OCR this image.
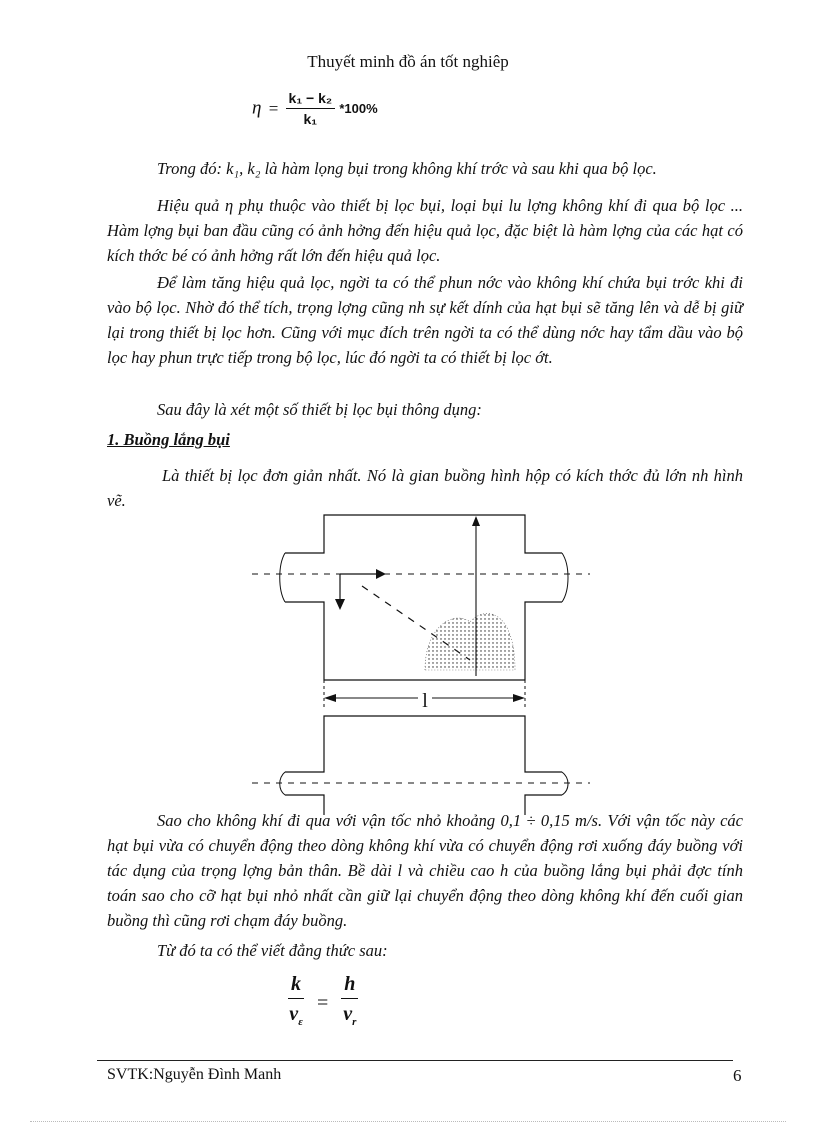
Thuyết minh đồ án tốt nghiêp
$\eta = \frac{\text{k₁ − k₂}}{\text{k₁}} *100\%$

Trong đó: k₁, k₂ là hàm lọng bụi trong không khí trớc và sau khi qua bộ lọc.

Hiệu quả η phụ thuộc vào thiết bị lọc bụi, loại bụi lu lợng không khí đi qua bộ lọc ... Hàm lợng bụi ban đầu cũng có ảnh hởng đến hiệu quả lọc, đặc biệt là hàm lợng của các hạt có kích thớc bé có ảnh hởng rất lớn đến hiệu quả lọc.

Để làm tăng hiệu quả lọc, ngời ta có thể phun nớc vào không khí chứa bụi trớc khi đi vào bộ lọc. Nhờ đó thể tích, trọng lợng cũng nh sự kết dính của hạt bụi sẽ tăng lên và dễ bị giữ lại trong thiết bị lọc hơn. Cũng với mục đích trên ngời ta có thể dùng nớc hay tẩm dầu vào bộ lọc hay phun trực tiếp trong bộ lọc, lúc đó ngời ta có thiết bị lọc ớt.

Sau đây là xét một số thiết bị lọc bụi thông dụng:

1. Buồng lắng bụi

Là thiết bị lọc đơn giản nhất. Nó là gian buồng hình hộp có kích thớc đủ lớn nh hình vẽ.

l

Sao cho không khí đi qua với vận tốc nhỏ khoảng 0,1 ÷ 0,15 m/s. Với vận tốc này các hạt bụi vừa có chuyển động theo dòng không khí vừa có chuyển động rơi xuống đáy buồng với tác dụng của trọng lợng bản thân. Bề dài l và chiều cao h của buồng lắng bụi phải đợc tính toán sao cho cỡ hạt bụi nhỏ nhất cần giữ lại chuyển động theo dòng không khí đến cuối gian buồng thì cũng rơi chạm đáy buồng.

Từ đó ta có thể viết đẳng thức sau:

$\frac{k}{v_\varepsilon} = \frac{h}{v_r}$
SVTK:Nguyễn Đình Manh	6
